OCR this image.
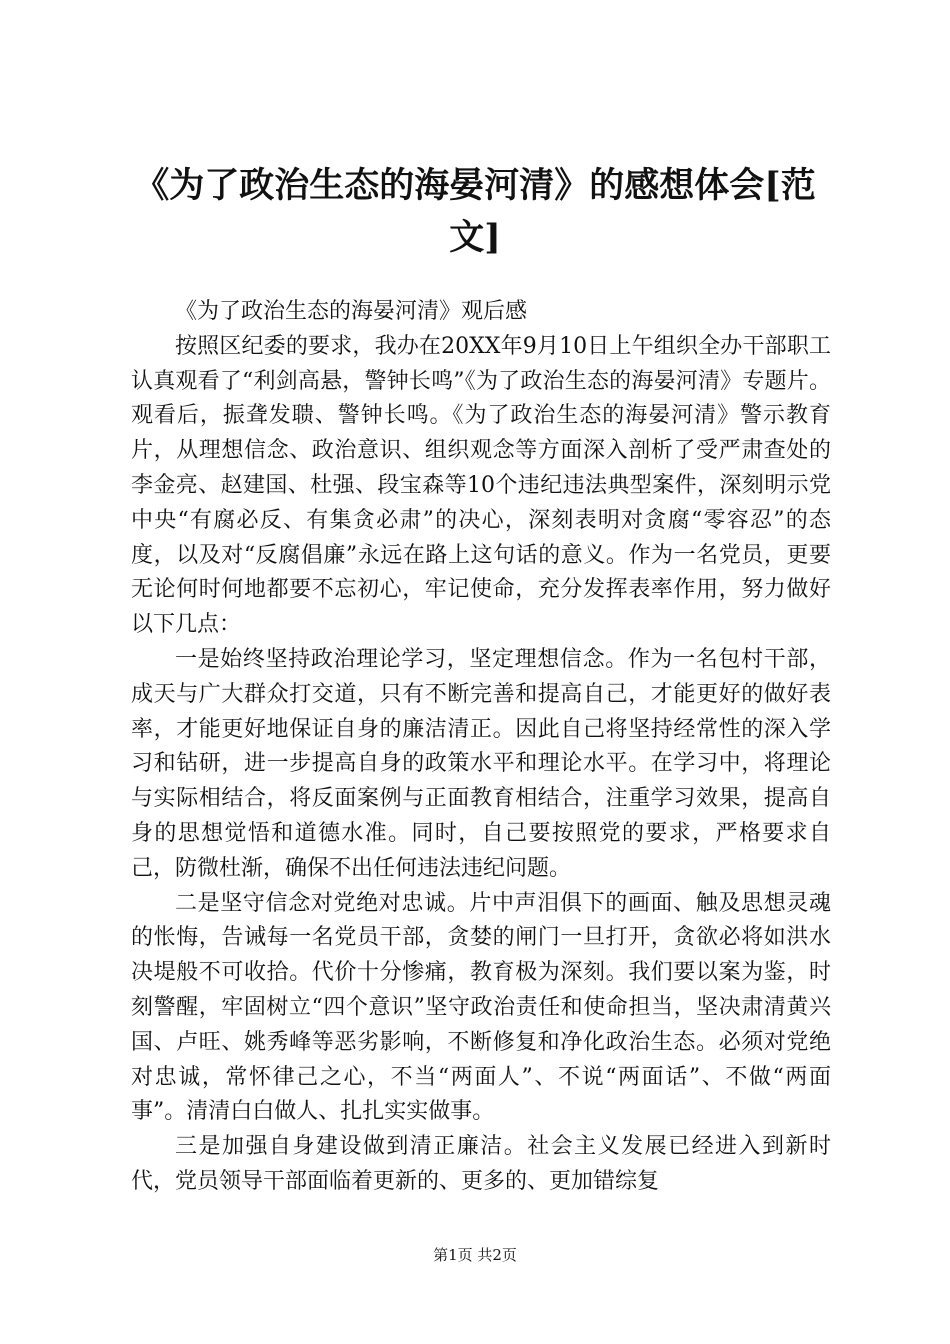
《为了政治生态的海晏河清》的感想体会[范
文]

《为了政治生态的海晏河清》观后感

按照区纪委的要求，我办在20XX年9月10日上午组织全办干部职工认真观看了“利剑高悬，警钟长鸣”《为了政治生态的海晏河清》专题片。观看后，振聋发聩、警钟长鸣。《为了政治生态的海晏河清》警示教育片，从理想信念、政治意识、组织观念等方面深入剖析了受严肃查处的李金亮、赵建国、杜强、段宝森等10个违纪违法典型案件，深刻明示党中央“有腐必反、有集贪必肃”的决心，深刻表明对贪腐“零容忍”的态度，以及对“反腐倡廉”永远在路上这句话的意义。作为一名党员，更要无论何时何地都要不忘初心，牢记使命，充分发挥表率作用，努力做好以下几点：

一是始终坚持政治理论学习，坚定理想信念。作为一名包村干部，成天与广大群众打交道，只有不断完善和提高自己，才能更好的做好表率，才能更好地保证自身的廉洁清正。因此自己将坚持经常性的深入学习和钻研，进一步提高自身的政策水平和理论水平。在学习中，将理论与实际相结合，将反面案例与正面教育相结合，注重学习效果，提高自身的思想觉悟和道德水准。同时，自己要按照党的要求，严格要求自己，防微杜渐，确保不出任何违法违纪问题。

二是坚守信念对党绝对忠诚。片中声泪俱下的画面、触及思想灵魂的怅悔，告诫每一名党员干部，贪婪的闸门一旦打开，贪欲必将如洪水决堤般不可收拾。代价十分惨痛，教育极为深刻。我们要以案为鉴，时刻警醒，牢固树立“四个意识”坚守政治责任和使命担当，坚决肃清黄兴国、卢旺、姚秀峰等恶劣影响，不断修复和净化政治生态。必须对党绝对忠诚，常怀律己之心，不当“两面人”、不说“两面话”、不做“两面事”。清清白白做人、扎扎实实做事。

三是加强自身建设做到清正廉洁。社会主义发展已经进入到新时代，党员领导干部面临着更新的、更多的、更加错综复

第1页 共2页
